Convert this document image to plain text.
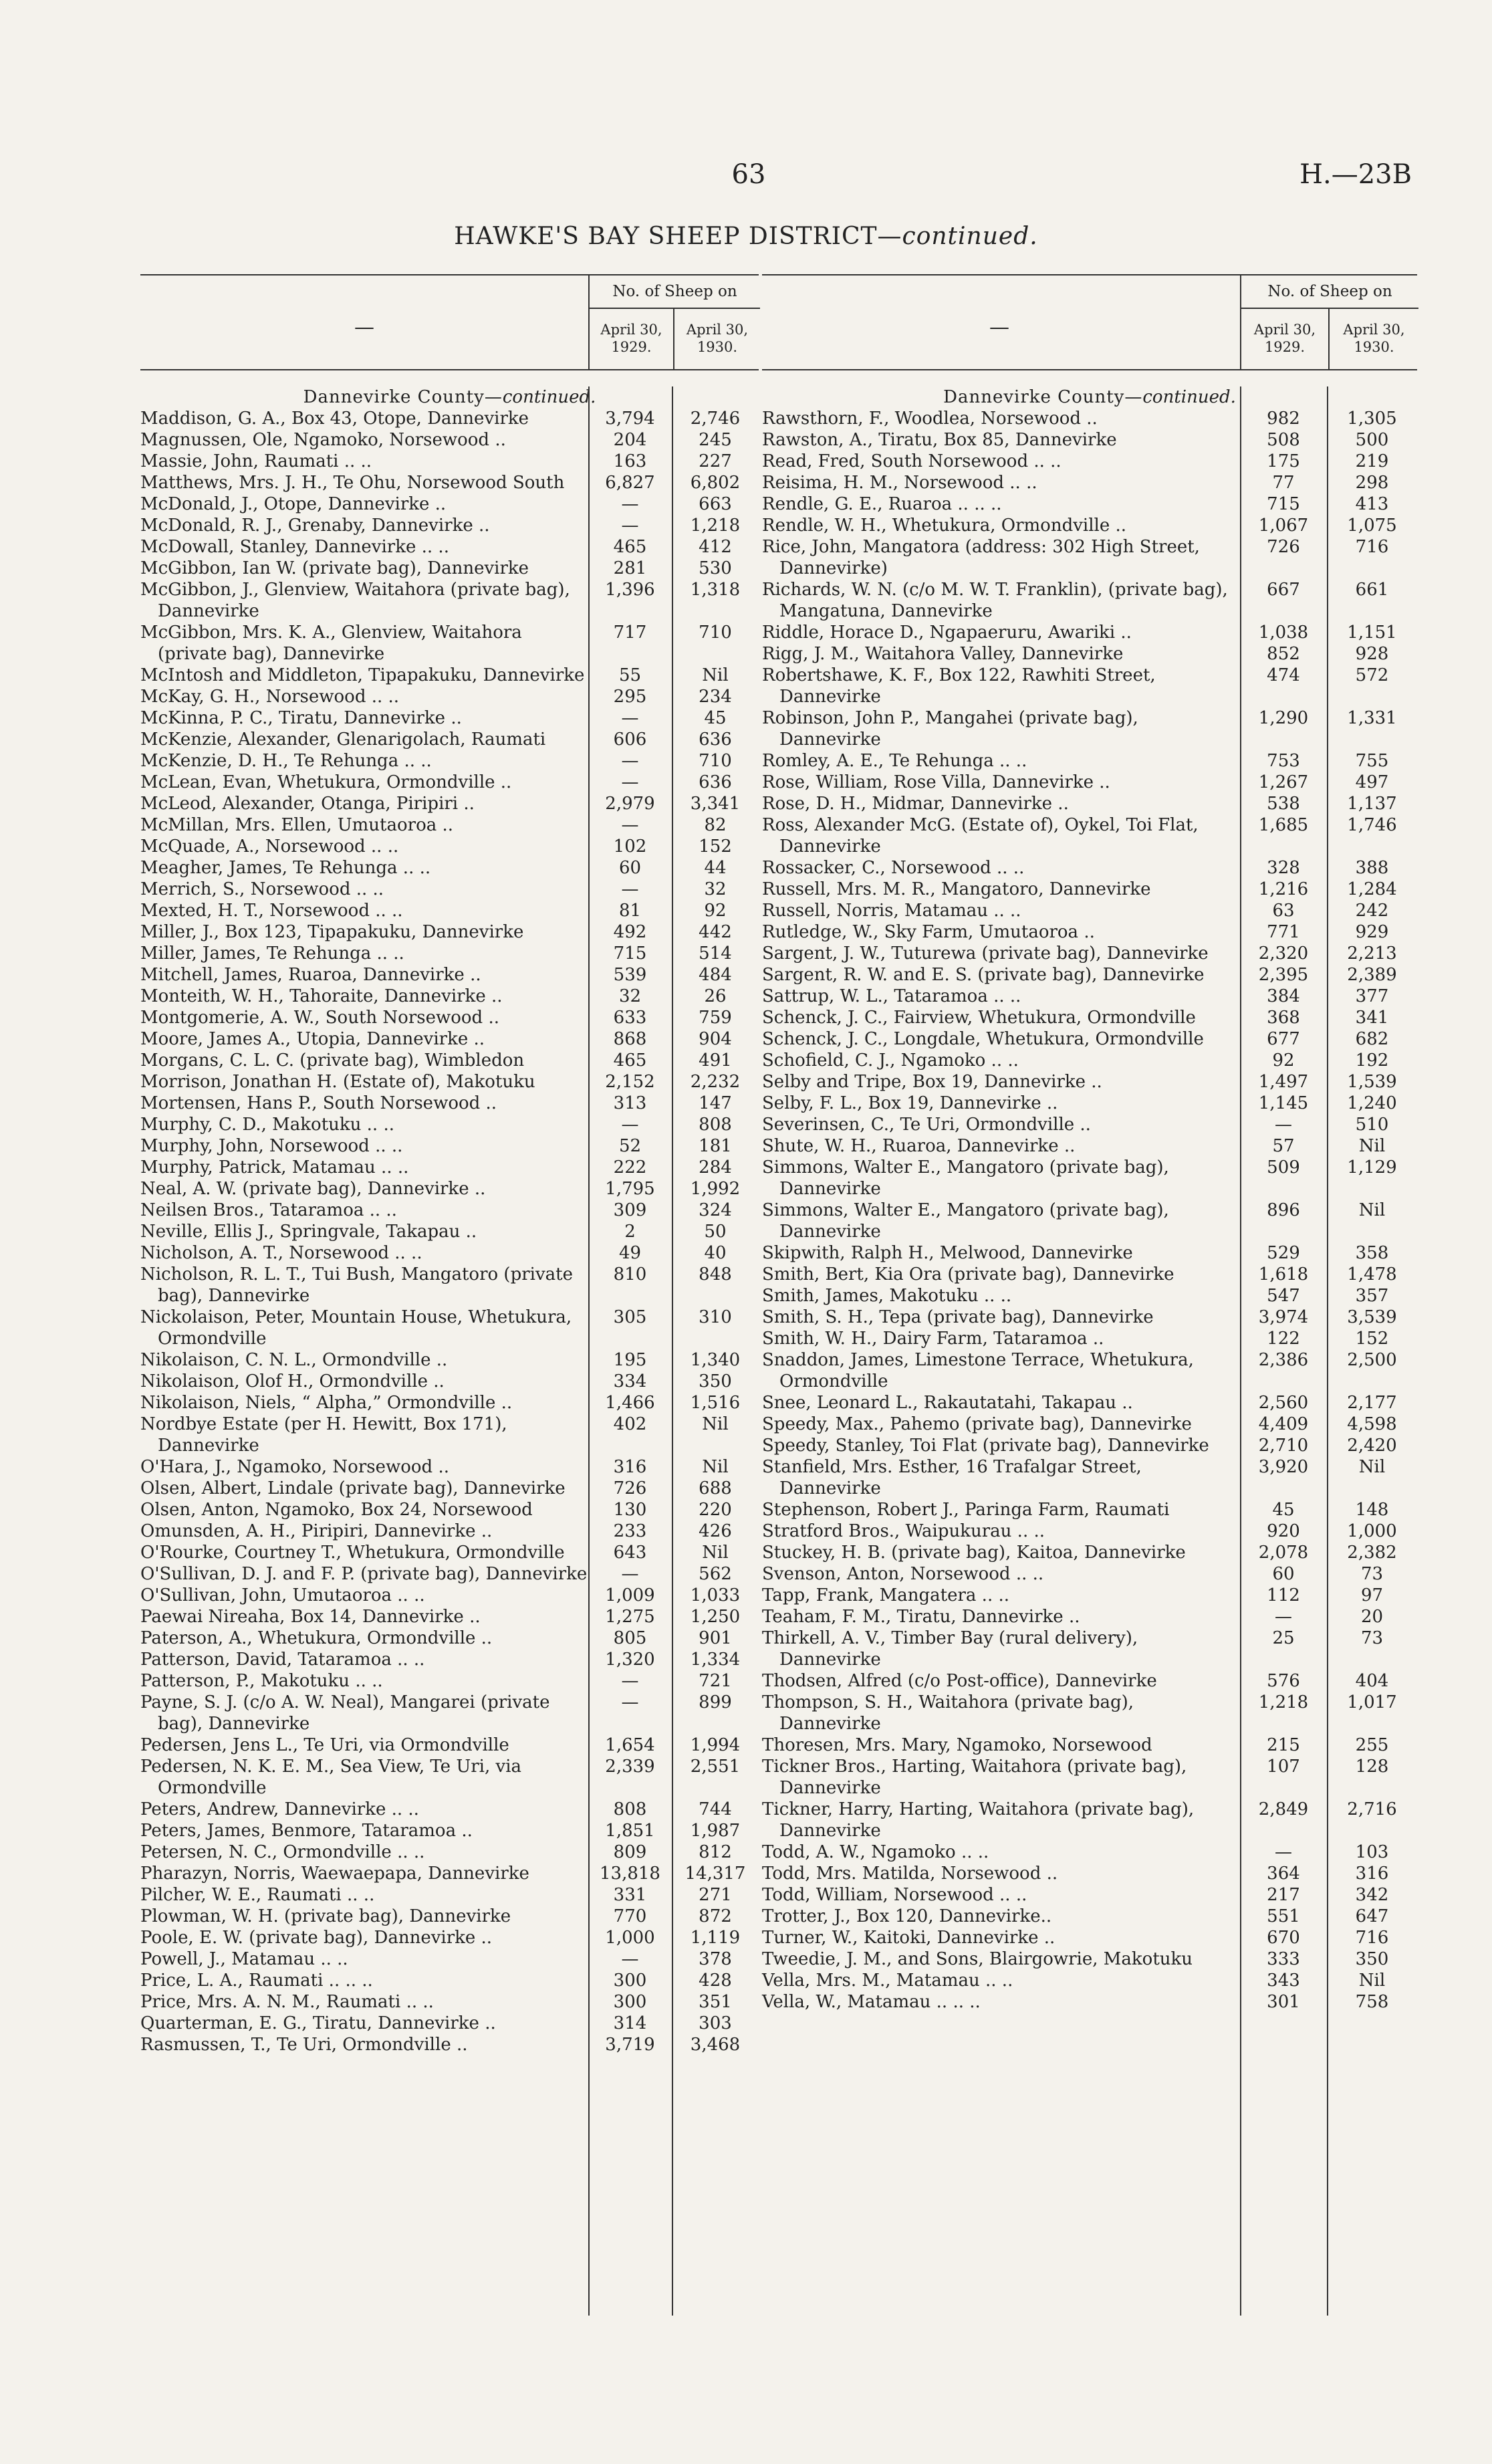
63	H.—23B
HAWKE'S BAY SHEEP DISTRICT—continued.
—
No. of Sheep on
April 30, 1929.
April 30, 1930.
Dannevirke County—continued.
Maddison, G. A., Box 43, Otope, Dannevirke	3,794	2,746
Magnussen, Ole, Ngamoko, Norsewood ..	204	245
Massie, John, Raumati .. ..	163	227
Matthews, Mrs. J. H., Te Ohu, Norsewood South	6,827	6,802
McDonald, J., Otope, Dannevirke ..	—	663
McDonald, R. J., Grenaby, Dannevirke ..	—	1,218
McDowall, Stanley, Dannevirke .. ..	465	412
McGibbon, Ian W. (private bag), Dannevirke	281	530
McGibbon, J., Glenview, Waitahora (private bag), Dannevirke
1,396	1,318
McGibbon, Mrs. K. A., Glenview, Waitahora (private bag), Dannevirke
717	710
McIntosh and Middleton, Tipapakuku, Dannevirke	55	Nil
McKay, G. H., Norsewood .. ..	295	234
McKinna, P. C., Tiratu, Dannevirke ..	—	45
McKenzie, Alexander, Glenarigolach, Raumati	606	636
McKenzie, D. H., Te Rehunga .. ..	—	710
McLean, Evan, Whetukura, Ormondville ..	—	636
McLeod, Alexander, Otanga, Piripiri ..	2,979	3,341
McMillan, Mrs. Ellen, Umutaoroa ..	—	82
McQuade, A., Norsewood .. ..	102	152
Meagher, James, Te Rehunga .. ..	60	44
Merrich, S., Norsewood .. ..	—	32
Mexted, H. T., Norsewood .. ..	81	92
Miller, J., Box 123, Tipapakuku, Dannevirke	492	442
Miller, James, Te Rehunga .. ..	715	514
Mitchell, James, Ruaroa, Dannevirke ..	539	484
Monteith, W. H., Tahoraite, Dannevirke ..	32	26
Montgomerie, A. W., South Norsewood ..	633	759
Moore, James A., Utopia, Dannevirke ..	868	904
Morgans, C. L. C. (private bag), Wimbledon	465	491
Morrison, Jonathan H. (Estate of), Makotuku	2,152	2,232
Mortensen, Hans P., South Norsewood ..	313	147
Murphy, C. D., Makotuku .. ..	—	808
Murphy, John, Norsewood .. ..	52	181
Murphy, Patrick, Matamau .. ..	222	284
Neal, A. W. (private bag), Dannevirke ..	1,795	1,992
Neilsen Bros., Tataramoa .. ..	309	324
Neville, Ellis J., Springvale, Takapau ..	2	50
Nicholson, A. T., Norsewood .. ..	49	40
Nicholson, R. L. T., Tui Bush, Mangatoro (private bag), Dannevirke
810	848
Nickolaison, Peter, Mountain House, Whetukura, Ormondville
305	310
Nikolaison, C. N. L., Ormondville ..	195	1,340
Nikolaison, Olof H., Ormondville ..	334	350
Nikolaison, Niels, “ Alpha,” Ormondville ..	1,466	1,516
Nordbye Estate (per H. Hewitt, Box 171), Dannevirke
402	Nil
O'Hara, J., Ngamoko, Norsewood ..	316	Nil
Olsen, Albert, Lindale (private bag), Dannevirke	726	688
Olsen, Anton, Ngamoko, Box 24, Norsewood	130	220
Omunsden, A. H., Piripiri, Dannevirke ..	233	426
O'Rourke, Courtney T., Whetukura, Ormondville	643	Nil
O'Sullivan, D. J. and F. P. (private bag), Dannevirke	—	562
O'Sullivan, John, Umutaoroa .. ..	1,009	1,033
Paewai Nireaha, Box 14, Dannevirke ..	1,275	1,250
Paterson, A., Whetukura, Ormondville ..	805	901
Patterson, David, Tataramoa .. ..	1,320	1,334
Patterson, P., Makotuku .. ..	—	721
Payne, S. J. (c/o A. W. Neal), Mangarei (private bag), Dannevirke
—	899
Pedersen, Jens L., Te Uri, via Ormondville	1,654	1,994
Pedersen, N. K. E. M., Sea View, Te Uri, via Ormondville
2,339	2,551
Peters, Andrew, Dannevirke .. ..	808	744
Peters, James, Benmore, Tataramoa ..	1,851	1,987
Petersen, N. C., Ormondville .. ..	809	812
Pharazyn, Norris, Waewaepapa, Dannevirke	13,818	14,317
Pilcher, W. E., Raumati .. ..	331	271
Plowman, W. H. (private bag), Dannevirke	770	872
Poole, E. W. (private bag), Dannevirke ..	1,000	1,119
Powell, J., Matamau .. ..	—	378
Price, L. A., Raumati .. .. ..	300	428
Price, Mrs. A. N. M., Raumati .. ..	300	351
Quarterman, E. G., Tiratu, Dannevirke ..	314	303
Rasmussen, T., Te Uri, Ormondville ..	3,719	3,468
—
No. of Sheep on
April 30, 1929.
April 30, 1930.
Dannevirke County—continued.
Rawsthorn, F., Woodlea, Norsewood ..	982	1,305
Rawston, A., Tiratu, Box 85, Dannevirke	508	500
Read, Fred, South Norsewood .. ..	175	219
Reisima, H. M., Norsewood .. ..	77	298
Rendle, G. E., Ruaroa .. .. ..	715	413
Rendle, W. H., Whetukura, Ormondville ..	1,067	1,075
Rice, John, Mangatora (address: 302 High Street, Dannevirke)
726	716
Richards, W. N. (c/o M. W. T. Franklin), (private bag), Mangatuna, Dannevirke
667	661
Riddle, Horace D., Ngapaeruru, Awariki ..	1,038	1,151
Rigg, J. M., Waitahora Valley, Dannevirke	852	928
Robertshawe, K. F., Box 122, Rawhiti Street, Dannevirke
474	572
Robinson, John P., Mangahei (private bag), Dannevirke
1,290	1,331
Romley, A. E., Te Rehunga .. ..	753	755
Rose, William, Rose Villa, Dannevirke ..	1,267	497
Rose, D. H., Midmar, Dannevirke ..	538	1,137
Ross, Alexander McG. (Estate of), Oykel, Toi Flat, Dannevirke
1,685	1,746
Rossacker, C., Norsewood .. ..	328	388
Russell, Mrs. M. R., Mangatoro, Dannevirke	1,216	1,284
Russell, Norris, Matamau .. ..	63	242
Rutledge, W., Sky Farm, Umutaoroa ..	771	929
Sargent, J. W., Tuturewa (private bag), Dannevirke	2,320	2,213
Sargent, R. W. and E. S. (private bag), Dannevirke	2,395	2,389
Sattrup, W. L., Tataramoa .. ..	384	377
Schenck, J. C., Fairview, Whetukura, Ormondville	368	341
Schenck, J. C., Longdale, Whetukura, Ormondville	677	682
Schofield, C. J., Ngamoko .. ..	92	192
Selby and Tripe, Box 19, Dannevirke ..	1,497	1,539
Selby, F. L., Box 19, Dannevirke ..	1,145	1,240
Severinsen, C., Te Uri, Ormondville ..	—	510
Shute, W. H., Ruaroa, Dannevirke ..	57	Nil
Simmons, Walter E., Mangatoro (private bag), Dannevirke
509	1,129
Simmons, Walter E., Mangatoro (private bag), Dannevirke
896	Nil
Skipwith, Ralph H., Melwood, Dannevirke	529	358
Smith, Bert, Kia Ora (private bag), Dannevirke	1,618	1,478
Smith, James, Makotuku .. ..	547	357
Smith, S. H., Tepa (private bag), Dannevirke	3,974	3,539
Smith, W. H., Dairy Farm, Tataramoa ..	122	152
Snaddon, James, Limestone Terrace, Whetukura, Ormondville
2,386	2,500
Snee, Leonard L., Rakautatahi, Takapau ..	2,560	2,177
Speedy, Max., Pahemo (private bag), Dannevirke	4,409	4,598
Speedy, Stanley, Toi Flat (private bag), Dannevirke	2,710	2,420
Stanfield, Mrs. Esther, 16 Trafalgar Street, Dannevirke
3,920	Nil
Stephenson, Robert J., Paringa Farm, Raumati	45	148
Stratford Bros., Waipukurau .. ..	920	1,000
Stuckey, H. B. (private bag), Kaitoa, Dannevirke	2,078	2,382
Svenson, Anton, Norsewood .. ..	60	73
Tapp, Frank, Mangatera .. ..	112	97
Teaham, F. M., Tiratu, Dannevirke ..	—	20
Thirkell, A. V., Timber Bay (rural delivery), Dannevirke
25	73
Thodsen, Alfred (c/o Post-office), Dannevirke	576	404
Thompson, S. H., Waitahora (private bag), Dannevirke
1,218	1,017
Thoresen, Mrs. Mary, Ngamoko, Norsewood	215	255
Tickner Bros., Harting, Waitahora (private bag), Dannevirke
107	128
Tickner, Harry, Harting, Waitahora (private bag), Dannevirke
2,849	2,716
Todd, A. W., Ngamoko .. ..	—	103
Todd, Mrs. Matilda, Norsewood ..	364	316
Todd, William, Norsewood .. ..	217	342
Trotter, J., Box 120, Dannevirke..	551	647
Turner, W., Kaitoki, Dannevirke ..	670	716
Tweedie, J. M., and Sons, Blairgowrie, Makotuku	333	350
Vella, Mrs. M., Matamau .. ..	343	Nil
Vella, W., Matamau .. .. ..	301	758
